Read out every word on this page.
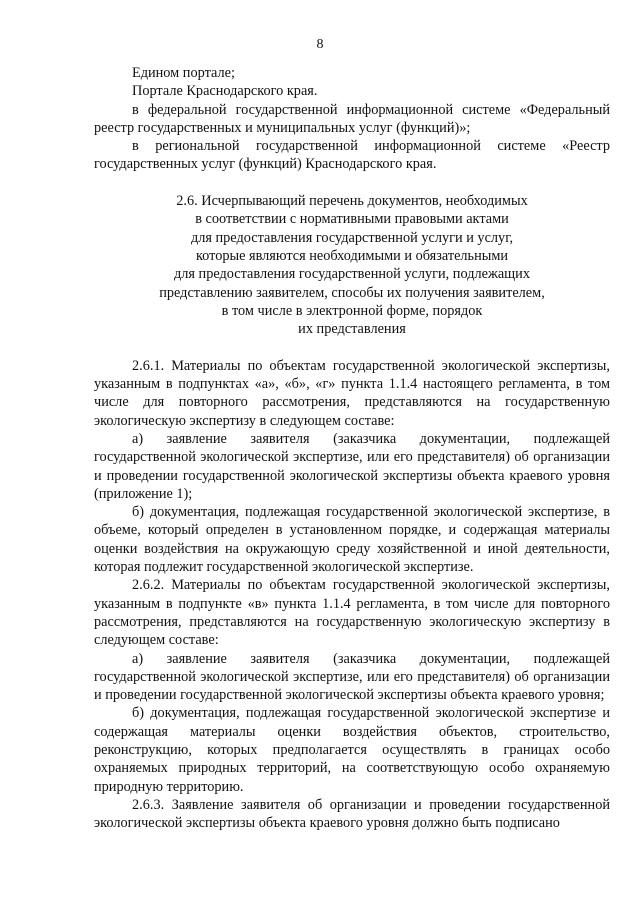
8

Едином портале;

Портале Краснодарского края.

в федеральной государственной информационной системе «Федеральный реестр государственных и муниципальных услуг (функций)»;

в региональной государственной информационной системе «Реестр государственных услуг (функций) Краснодарского края.

2.6. Исчерпывающий перечень документов, необходимых
в соответствии с нормативными правовыми актами
для предоставления государственной услуги и услуг,
которые являются необходимыми и обязательными
для предоставления государственной услуги, подлежащих
представлению заявителем, способы их получения заявителем,
в том числе в электронной форме, порядок
их представления

2.6.1. Материалы по объектам государственной экологической экспертизы, указанным в подпунктах «а», «б», «г» пункта 1.1.4 настоящего регламента, в том числе для повторного рассмотрения, представляются на государственную экологическую экспертизу в следующем составе:

а) заявление заявителя (заказчика документации, подлежащей государственной экологической экспертизе, или его представителя) об организации и проведении государственной экологической экспертизы объекта краевого уровня (приложение 1);

б) документация, подлежащая государственной экологической экспертизе, в объеме, который определен в установленном порядке, и содержащая материалы оценки воздействия на окружающую среду хозяйственной и иной деятельности, которая подлежит государственной экологической экспертизе.

2.6.2. Материалы по объектам государственной экологической экспертизы, указанным в подпункте «в» пункта 1.1.4 регламента, в том числе для повторного рассмотрения, представляются на государственную экологическую экспертизу в следующем составе:

а) заявление заявителя (заказчика документации, подлежащей государственной экологической экспертизе, или его представителя) об организации и проведении государственной экологической экспертизы объекта краевого уровня;

б) документация, подлежащая государственной экологической экспертизе и содержащая материалы оценки воздействия объектов, строительство, реконструкцию, которых предполагается осуществлять в границах особо охраняемых природных территорий, на соответствующую особо охраняемую природную территорию.

2.6.3. Заявление заявителя об организации и проведении государственной экологической экспертизы объекта краевого уровня должно быть подписано
